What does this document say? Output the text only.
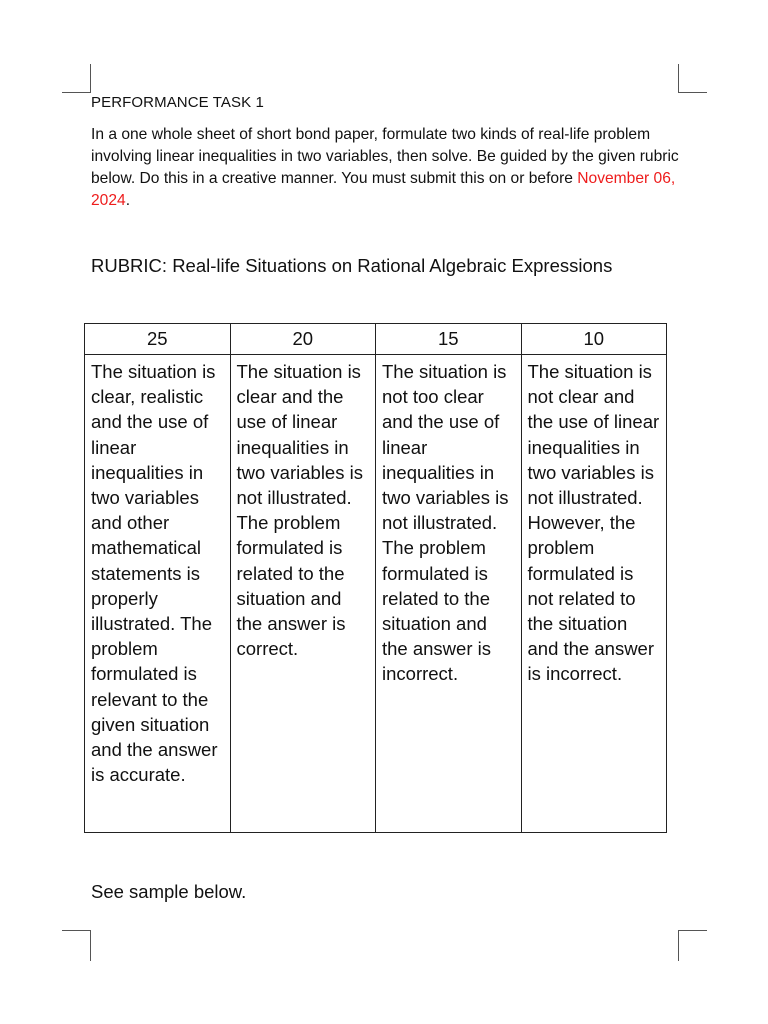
PERFORMANCE TASK 1
In a one whole sheet of short bond paper, formulate two kinds of real-life problem involving linear inequalities in two variables, then solve. Be guided by the given rubric below. Do this in a creative manner. You must submit this on or before November 06, 2024.
RUBRIC: Real-life Situations on Rational Algebraic Expressions
25	20	15	10
The situation is clear, realistic and the use of linear inequalities in two variables and other mathematical statements is properly illustrated. The problem formulated is relevant to the given situation and the answer is accurate.	The situation is clear and the use of linear inequalities in two variables is not illustrated. The problem formulated is related to the situation and the answer is correct.	The situation is not too clear and the use of linear inequalities in two variables is not illustrated. The problem formulated is related to the situation and the answer is incorrect.	The situation is not clear and the use of linear inequalities in two variables is not illustrated. However, the problem formulated is not related to the situation and the answer is incorrect.
See sample below.
